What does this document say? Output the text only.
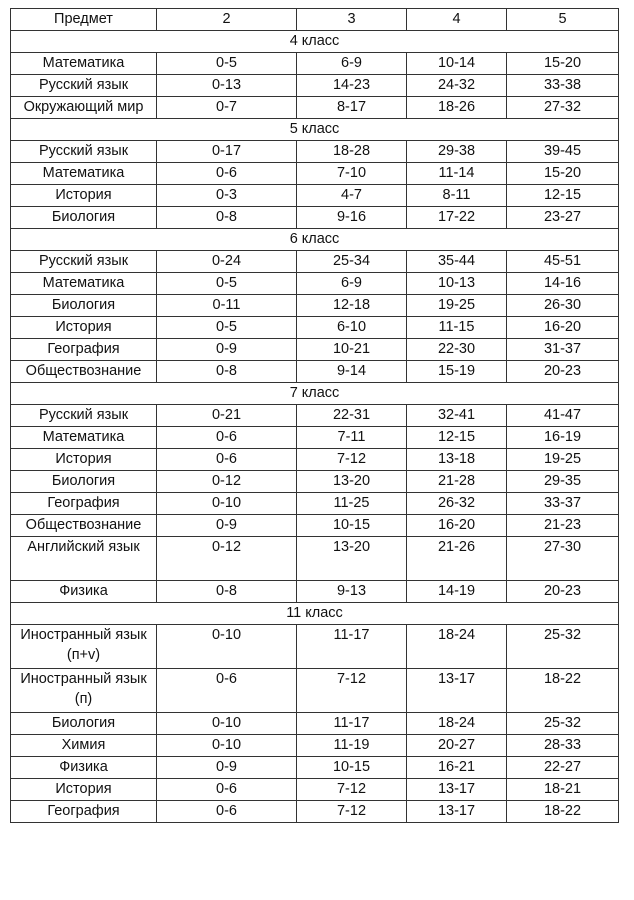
Предмет	2	3	4	5
4 класс				
Математика	0-5	6-9	10-14	15-20
Русский язык	0-13	14-23	24-32	33-38
Окружающий мир	0-7	8-17	18-26	27-32
5 класс				
Русский язык	0-17	18-28	29-38	39-45
Математика	0-6	7-10	11-14	15-20
История	0-3	4-7	8-11	12-15
Биология	0-8	9-16	17-22	23-27
6 класс				
Русский язык	0-24	25-34	35-44	45-51
Математика	0-5	6-9	10-13	14-16
Биология	0-11	12-18	19-25	26-30
История	0-5	6-10	11-15	16-20
География	0-9	10-21	22-30	31-37
Обществознание	0-8	9-14	15-19	20-23
7 класс				
Русский язык	0-21	22-31	32-41	41-47
Математика	0-6	7-11	12-15	16-19
История	0-6	7-12	13-18	19-25
Биология	0-12	13-20	21-28	29-35
География	0-10	11-25	26-32	33-37
Обществознание	0-9	10-15	16-20	21-23
Английский язык	0-12	13-20	21-26	27-30
Физика	0-8	9-13	14-19	20-23
11 класс				
Иностранный язык (п+v)	0-10	11-17	18-24	25-32
Иностранный язык (п)	0-6	7-12	13-17	18-22
Биология	0-10	11-17	18-24	25-32
Химия	0-10	11-19	20-27	28-33
Физика	0-9	10-15	16-21	22-27
История	0-6	7-12	13-17	18-21
География	0-6	7-12	13-17	18-22
